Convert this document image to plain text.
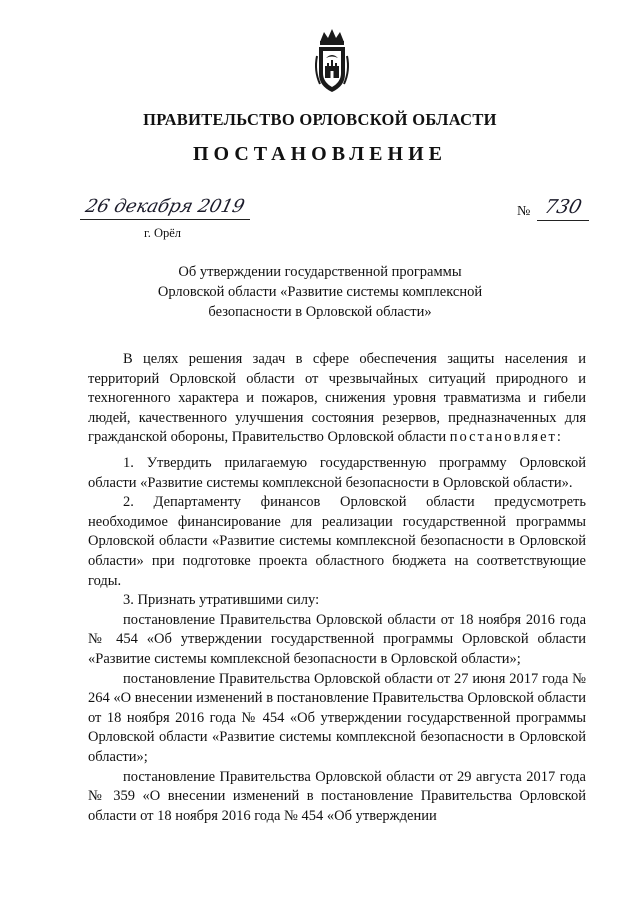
ПРАВИТЕЛЬСТВО ОРЛОВСКОЙ ОБЛАСТИ
ПОСТАНОВЛЕНИЕ
26 декабря 2019
г. Орёл
№ 730
Об утверждении государственной программы
Орловской области «Развитие системы комплексной
безопасности в Орловской области»

В целях решения задач в сфере обеспечения защиты населения и территорий Орловской области от чрезвычайных ситуаций природного и техногенного характера и пожаров, снижения уровня травматизма и гибели людей, качественного улучшения состояния резервов, предназначенных для гражданской обороны, Правительство Орловской области постановляет:

1. Утвердить прилагаемую государственную программу Орловской области «Развитие системы комплексной безопасности в Орловской области».

2. Департаменту финансов Орловской области предусмотреть необходимое финансирование для реализации государственной программы Орловской области «Развитие системы комплексной безопасности в Орловской области» при подготовке проекта областного бюджета на соответствующие годы.

3. Признать утратившими силу:

постановление Правительства Орловской области от 18 ноября 2016 года № 454 «Об утверждении государственной программы Орловской области «Развитие системы комплексной безопасности в Орловской области»;

постановление Правительства Орловской области от 27 июня 2017 года № 264 «О внесении изменений в постановление Правительства Орловской области от 18 ноября 2016 года № 454 «Об утверждении государственной программы Орловской области «Развитие системы комплексной безопасности в Орловской области»;

постановление Правительства Орловской области от 29 августа 2017 года № 359 «О внесении изменений в постановление Правительства Орловской области от 18 ноября 2016 года № 454 «Об утверждении
